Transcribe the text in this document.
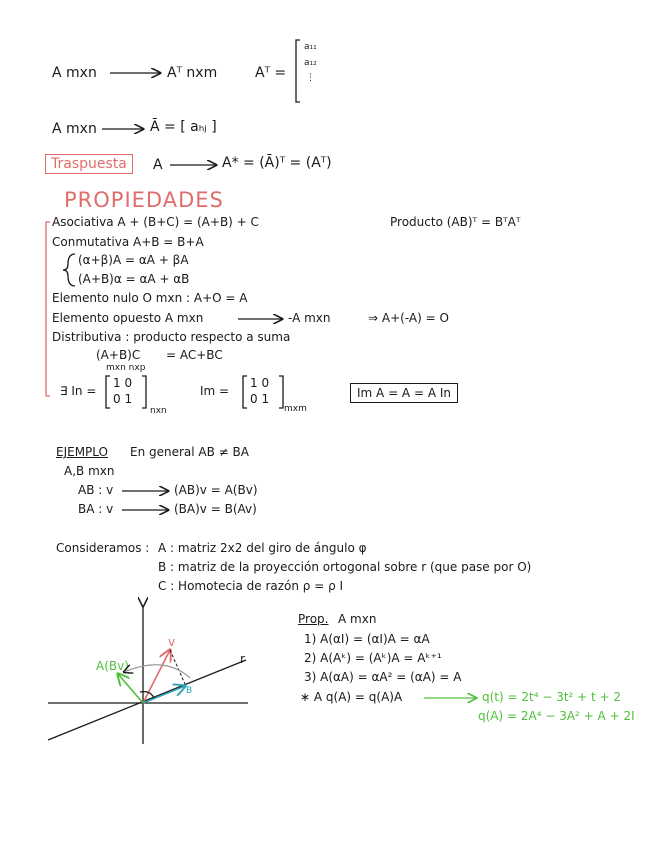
A mxn	Aᵀ nxm	Aᵀ =
a₁₁
a₁₂
⋮
A mxn	Ā = [ aₕⱼ ]
Traspuesta	A	A* = (Ā)ᵀ = (Aᵀ)
PROPIEDADES
Asociativa A + (B+C) = (A+B) + C	Producto (AB)ᵀ = BᵀAᵀ
Conmutativa A+B = B+A
(α+β)A = αA + βA
(A+B)α = αA + αB
Elemento nulo O mxn : A+O = A
Elemento opuesto A mxn	-A mxn	⇒ A+(-A) = O
Distributiva : producto respecto a suma
(A+B)C = AC+BC
mxn nxp
∃ In =
1 0
0 1
nxn
Im =
1 0
0 1
mxm
Im A = A = A In
EJEMPLO En general AB ≠ BA
A,B mxn
AB : v	(AB)v = A(Bv)
BA : v	(BA)v = B(Av)
Consideramos : A : matriz 2x2 del giro de ángulo φ
B : matriz de la proyección ortogonal sobre r (que pase por O)
C : Homotecia de razón ρ = ρ I
Prop. A mxn
1) A(αI) = (αI)A = αA
2) A(Aᵏ) = (Aᵏ)A = Aᵏ⁺¹
3) A(αA) = αA² = (αA) = A
∗ A q(A) = q(A)A	q(t) = 2t⁴ − 3t² + t + 2
q(A) = 2A⁴ − 3A² + A + 2I
v
r
A(Bv)
B
